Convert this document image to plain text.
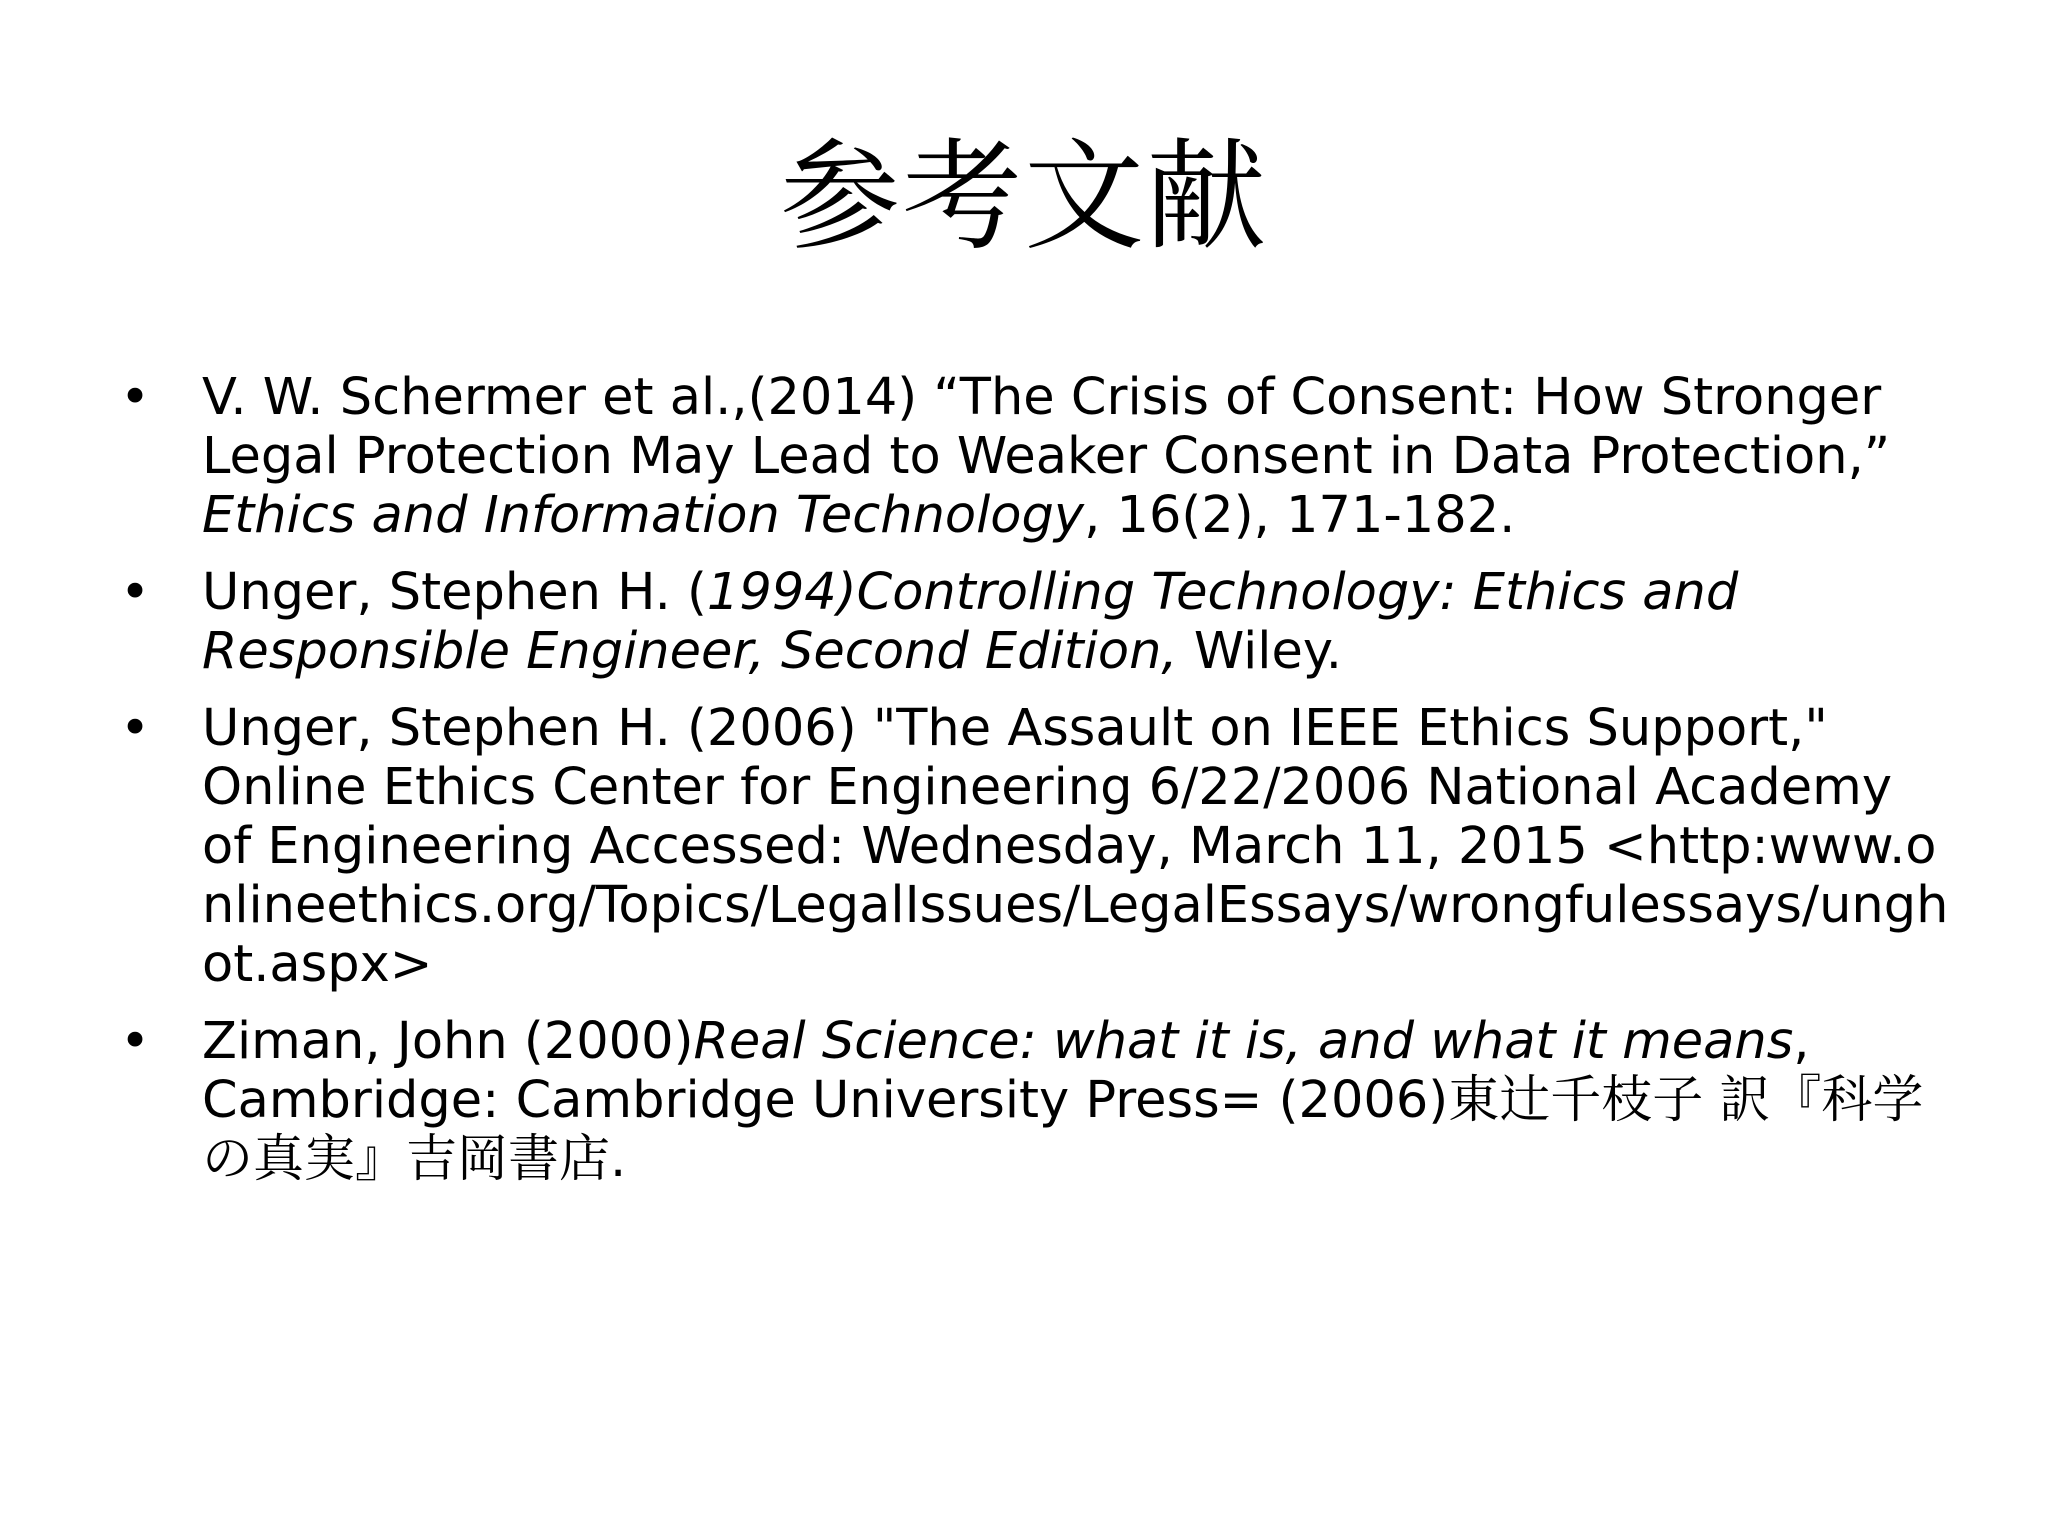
参考文献
•	V. W. Schermer et al.,(2014) “The Crisis of Consent: How Stronger Legal Protection May Lead to Weaker Consent in Data Protection,” Ethics and Information Technology, 16(2), 171-182.
•	Unger, Stephen H. (1994)Controlling Technology: Ethics and Responsible Engineer, Second Edition, Wiley.
•	Unger, Stephen H. (2006) "The Assault on IEEE Ethics Support," Online Ethics Center for Engineering 6/22/2006 National Academy of Engineering Accessed: Wednesday, March 11, 2015 <http:www.onlineethics.org/Topics/LegalIssues/LegalEssays/wrongfulessays/unghot.aspx>
•	Ziman, John (2000)Real Science: what it is, and what it means, Cambridge: Cambridge University Press= (2006)東辻千枝子 訳『科学の真実』吉岡書店.
